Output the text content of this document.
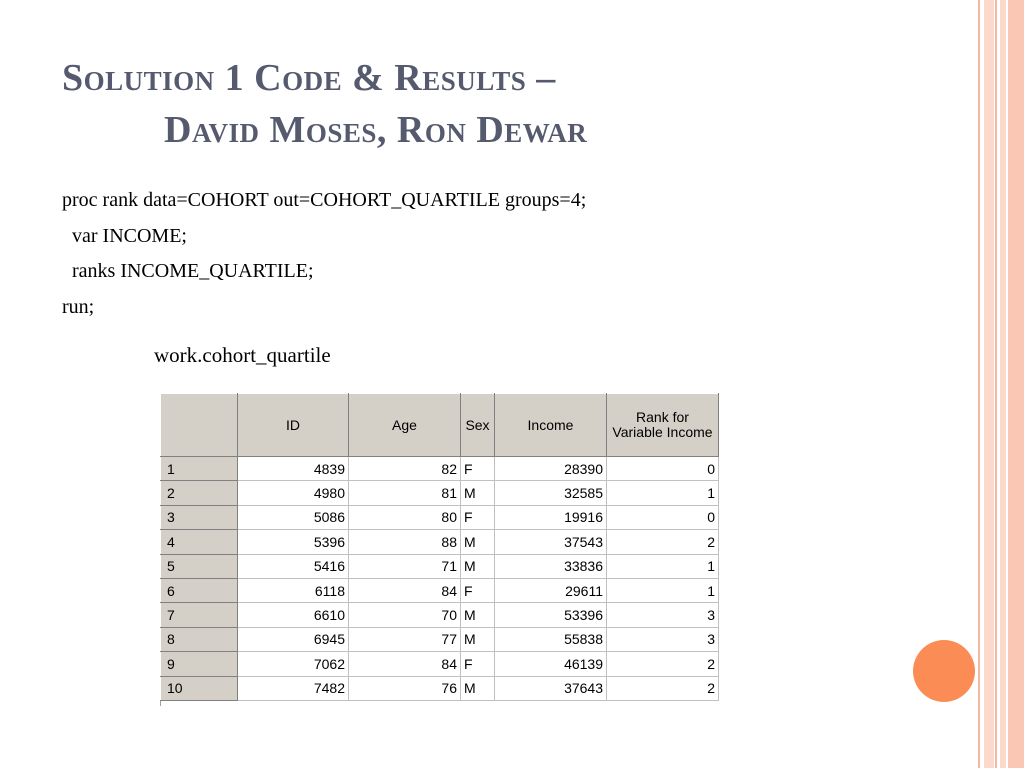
Solution 1 Code & Results –
David Moses, Ron Dewar
proc rank data=COHORT out=COHORT_QUARTILE groups=4;
var INCOME;
ranks INCOME_QUARTILE;
run;
work.cohort_quartile
	ID	Age	Sex	Income	Rank for Variable Income
1	4839	82	F	28390	0
2	4980	81	M	32585	1
3	5086	80	F	19916	0
4	5396	88	M	37543	2
5	5416	71	M	33836	1
6	6118	84	F	29611	1
7	6610	70	M	53396	3
8	6945	77	M	55838	3
9	7062	84	F	46139	2
10	7482	76	M	37643	2
